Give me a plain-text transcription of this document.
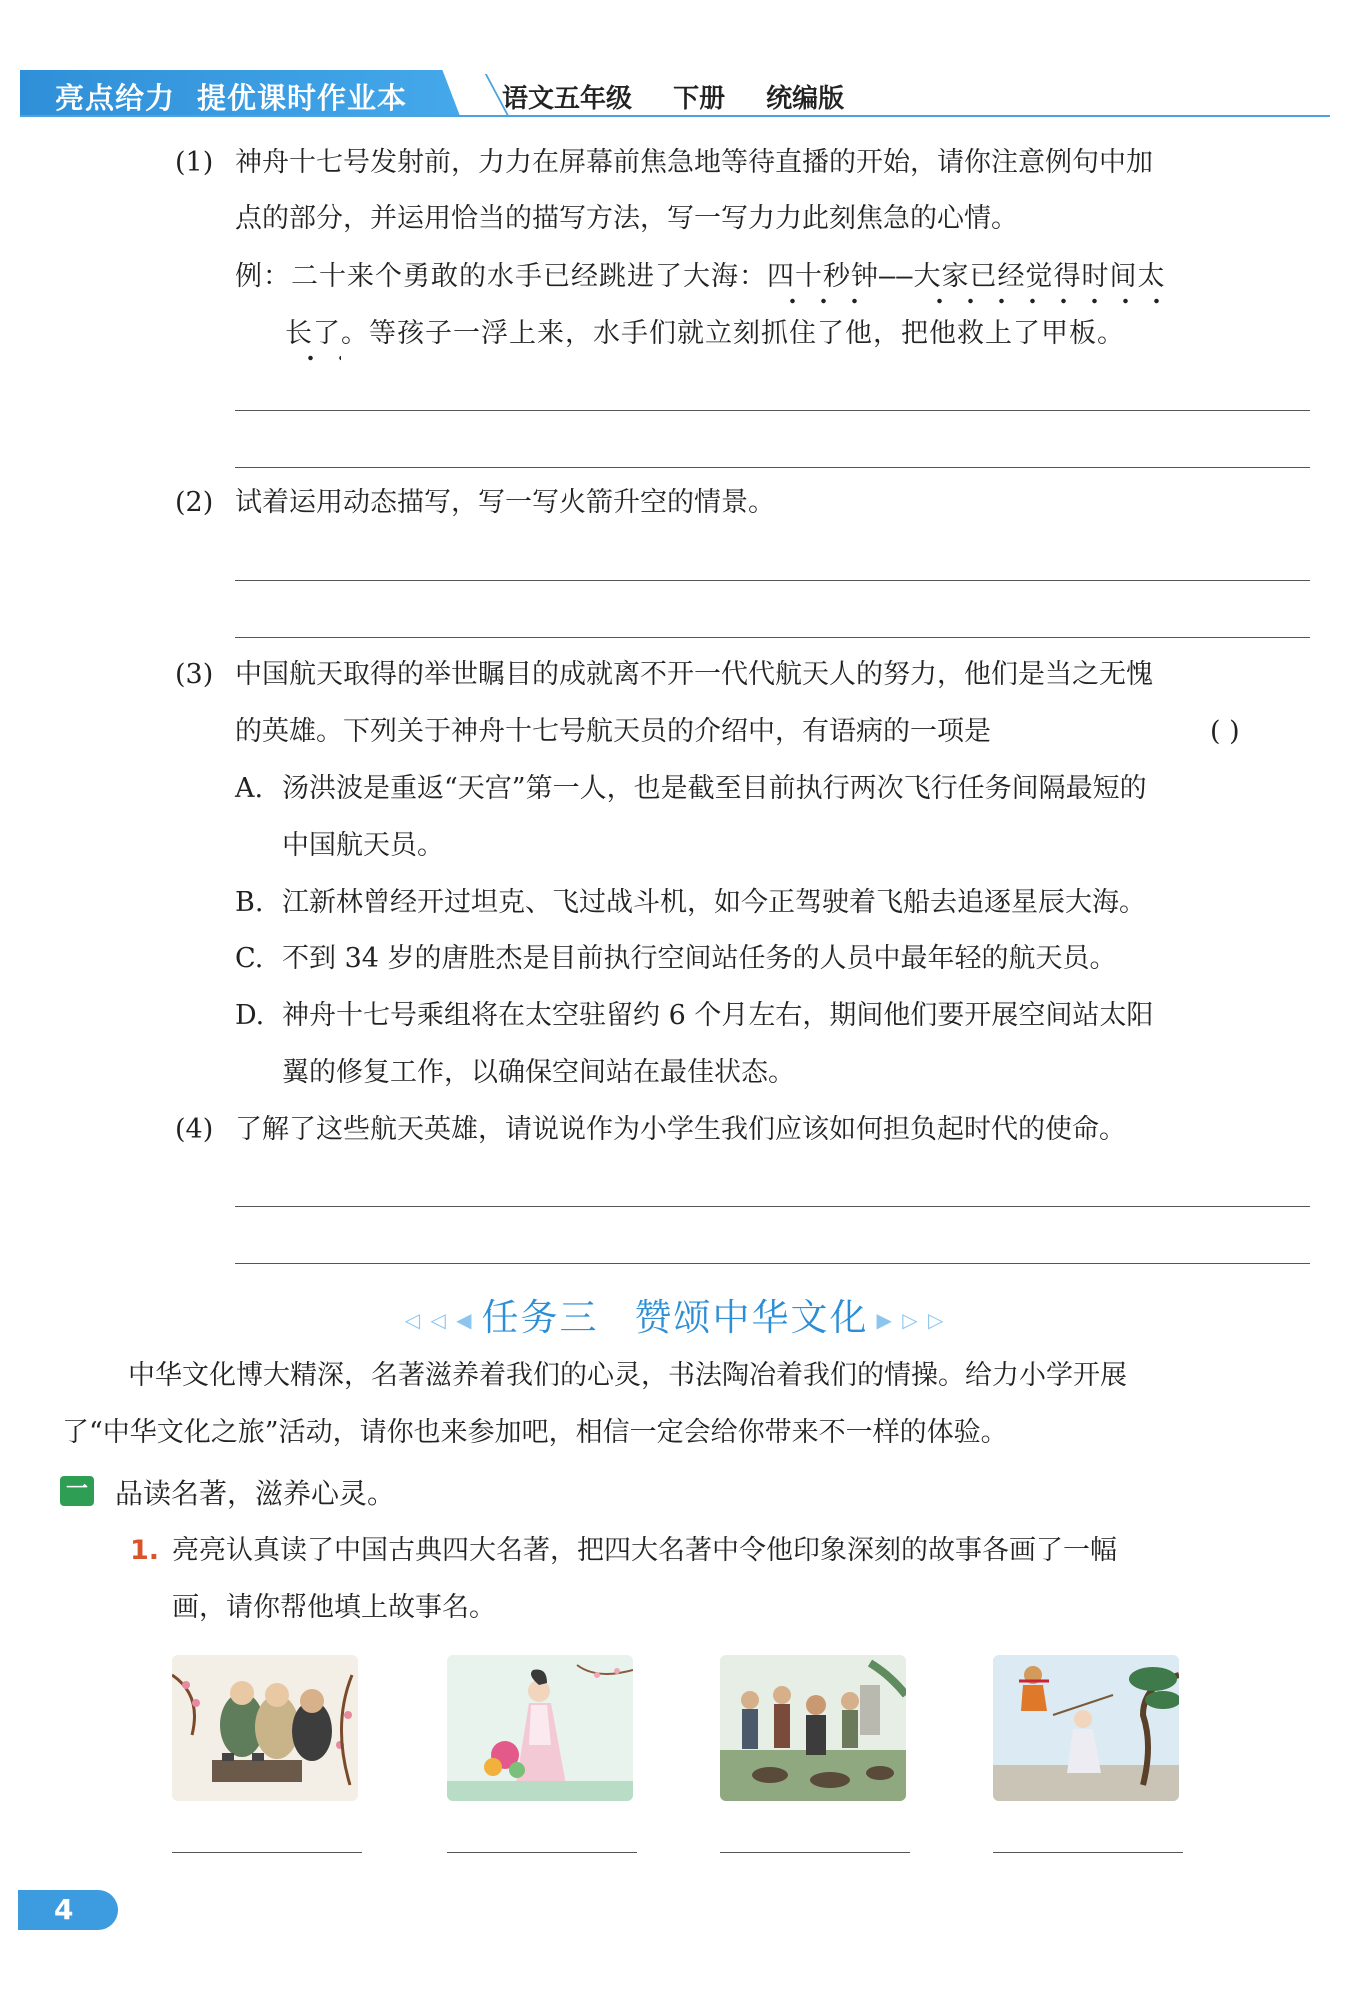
亮点给力 提优课时作业本	语文五年级 下册 统编版
(1) 神舟十七号发射前，力力在屏幕前焦急地等待直播的开始，请你注意例句中加
点的部分，并运用恰当的描写方法，写一写力力此刻焦急的心情。
例：二十来个勇敢的水手已经跳进了大海：四十秒钟——大家已经觉得时间太
长了。等孩子一浮上来，水手们就立刻抓住了他，把他救上了甲板。
(2) 试着运用动态描写，写一写火箭升空的情景。
(3) 中国航天取得的举世瞩目的成就离不开一代代航天人的努力，他们是当之无愧
的英雄。下列关于神舟十七号航天员的介绍中，有语病的一项是	( )
A. 汤洪波是重返“天宫”第一人，也是截至目前执行两次飞行任务间隔最短的
中国航天员。
B. 江新林曾经开过坦克、飞过战斗机，如今正驾驶着飞船去追逐星辰大海。
C. 不到 34 岁的唐胜杰是目前执行空间站任务的人员中最年轻的航天员。
D. 神舟十七号乘组将在太空驻留约 6 个月左右，期间他们要开展空间站太阳
翼的修复工作，以确保空间站在最佳状态。
(4) 了解了这些航天英雄，请说说作为小学生我们应该如何担负起时代的使命。
◁ ◁ ◀ 任务三 赞颂中华文化 ▶ ▷ ▷
中华文化博大精深，名著滋养着我们的心灵，书法陶冶着我们的情操。给力小学开展
了“中华文化之旅”活动，请你也来参加吧，相信一定会给你带来不一样的体验。
一 品读名著，滋养心灵。
1. 亮亮认真读了中国古典四大名著，把四大名著中令他印象深刻的故事各画了一幅
画，请你帮他填上故事名。
4
